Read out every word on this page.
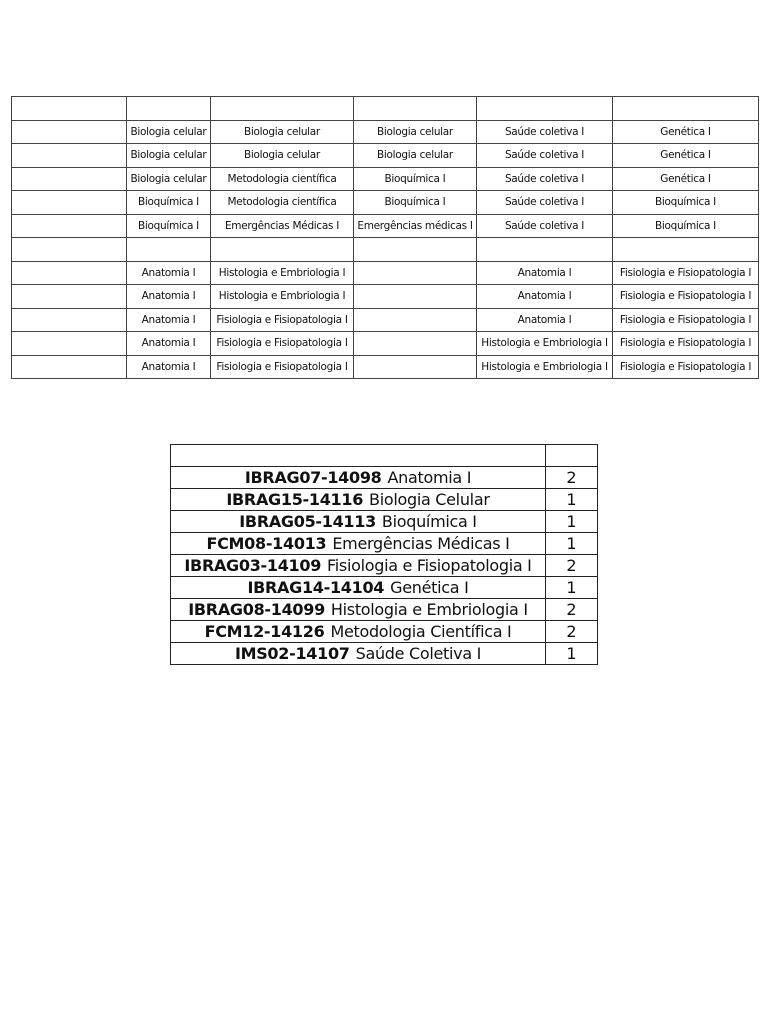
	Biologia celular	Biologia celular	Biologia celular	Saúde coletiva I	Genética I
	Biologia celular	Biologia celular	Biologia celular	Saúde coletiva I	Genética I
	Biologia celular	Metodologia científica	Bioquímica I	Saúde coletiva I	Genética I
	Bioquímica I	Metodologia científica	Bioquímica I	Saúde coletiva I	Bioquímica I
	Bioquímica I	Emergências Médicas I	Emergências médicas I	Saúde coletiva I	Bioquímica I

	Anatomia I	Histologia e Embriologia I		Anatomia I	Fisiologia e Fisiopatologia I
	Anatomia I	Histologia e Embriologia I		Anatomia I	Fisiologia e Fisiopatologia I
	Anatomia I	Fisiologia e Fisiopatologia I		Anatomia I	Fisiologia e Fisiopatologia I
	Anatomia I	Fisiologia e Fisiopatologia I		Histologia e Embriologia I	Fisiologia e Fisiopatologia I
	Anatomia I	Fisiologia e Fisiopatologia I		Histologia e Embriologia I	Fisiologia e Fisiopatologia I

IBRAG07-14098 Anatomia I	2
IBRAG15-14116 Biologia Celular	1
IBRAG05-14113 Bioquímica I	1
FCM08-14013 Emergências Médicas I	1
IBRAG03-14109 Fisiologia e Fisiopatologia I	2
IBRAG14-14104 Genética I	1
IBRAG08-14099 Histologia e Embriologia I	2
FCM12-14126 Metodologia Científica I	2
IMS02-14107 Saúde Coletiva I	1
